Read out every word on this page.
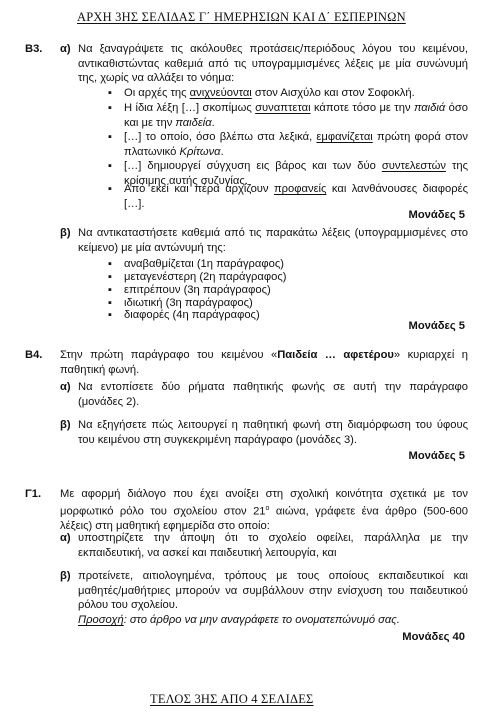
ΑΡΧΗ 3ΗΣ ΣΕΛΙΔΑΣ Γ΄ ΗΜΕΡΗΣΙΩΝ ΚΑΙ Δ΄ ΕΣΠΕΡΙΝΩΝ
Β3. α) Να ξαναγράψετε τις ακόλουθες προτάσεις/περιόδους λόγου του κειμένου, αντικαθιστώντας καθεμιά από τις υπογραμμισμένες λέξεις με μία συνώνυμή της, χωρίς να αλλάξει το νόημα:
▪ Οι αρχές της ανιχνεύονται στον Αισχύλο και στον Σοφοκλή.
▪ Η ίδια λέξη […] σκοπίμως συναπτεται κάποτε τόσο με την παιδιά όσο και με την παιδεία.
▪ […] το οποίο, όσο βλέπω στα λεξικά, εμφανίζεται πρώτη φορά στον πλατωνικό Κρίτωνα.
▪ […] δημιουργεί σύγχυση εις βάρος και των δύο συντελεστών της κρίσιμης αυτής συζυγίας.
▪ Από εκεί και πέρα αρχίζουν προφανείς και λανθάνουσες διαφορές […].
Μονάδες 5
β) Να αντικαταστήσετε καθεμιά από τις παρακάτω λέξεις (υπογραμμισμένες στο κείμενο) με μία αντώνυμή της:
▪ αναβαθμίζεται (1η παράγραφος)
▪ μεταγενέστερη (2η παράγραφος)
▪ επιτρέπουν (3η παράγραφος)
▪ ιδιωτική (3η παράγραφος)
▪ διαφορές (4η παράγραφος)
Μονάδες 5
Β4. Στην πρώτη παράγραφο του κειμένου «Παιδεία … αφετέρου» κυριαρχεί η παθητική φωνή.
α) Να εντοπίσετε δύο ρήματα παθητικής φωνής σε αυτή την παράγραφο (μονάδες 2).
β) Να εξηγήσετε πώς λειτουργεί η παθητική φωνή στη διαμόρφωση του ύφους του κειμένου στη συγκεκριμένη παράγραφο (μονάδες 3).
Μονάδες 5
Γ1. Με αφορμή διάλογο που έχει ανοίξει στη σχολική κοινότητα σχετικά με τον μορφωτικό ρόλο του σχολείου στον $21^o$ αιώνα, γράφετε ένα άρθρο (500-600 λέξεις) στη μαθητική εφημερίδα στο οποίο:
α) υποστηρίζετε την άποψη ότι το σχολείο οφείλει, παράλληλα με την εκπαιδευτική, να ασκεί και παιδευτική λειτουργία, και
β) προτείνετε, αιτιολογημένα, τρόπους με τους οποίους εκπαιδευτικοί και μαθητές/μαθήτριες μπορούν να συμβάλλουν στην ενίσχυση του παιδευτικού ρόλου του σχολείου.
Προσοχή: στο άρθρο να μην αναγράφετε το ονοματεπώνυμό σας.
Μονάδες 40
ΤΕΛΟΣ 3ΗΣ ΑΠΟ 4 ΣΕΛΙΔΕΣ
